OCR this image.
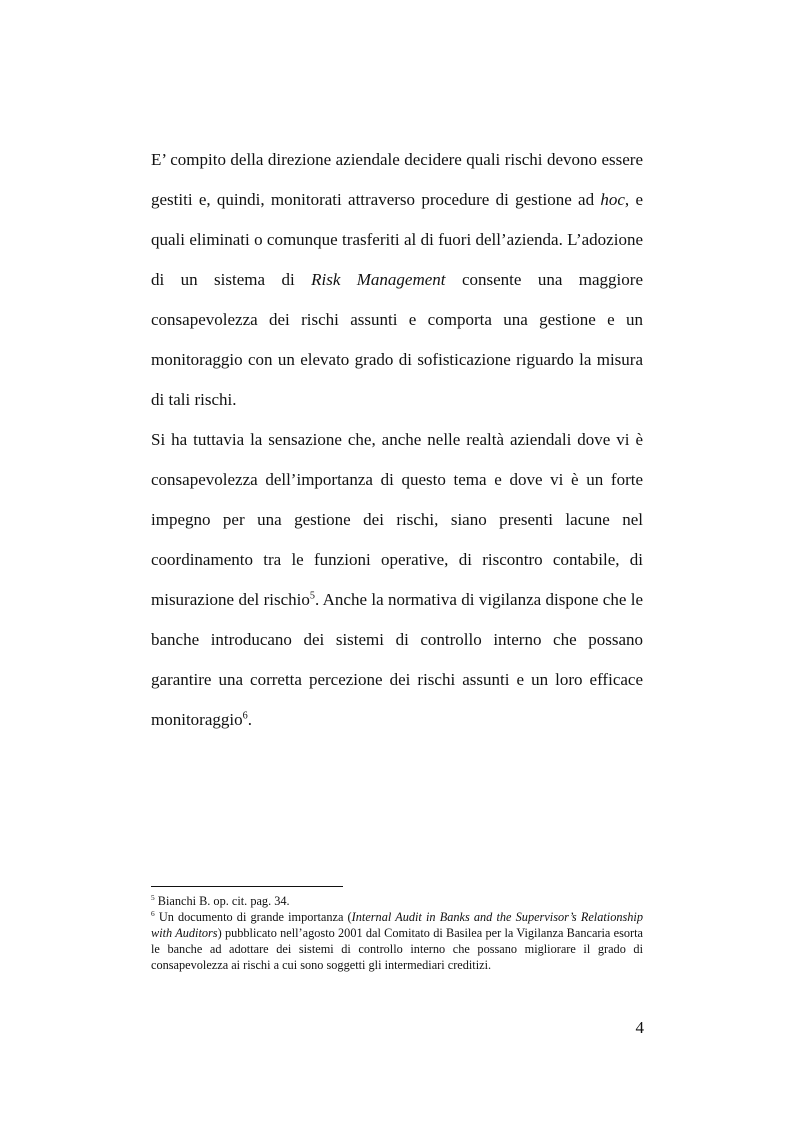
E’ compito della direzione aziendale decidere quali rischi devono essere gestiti e, quindi, monitorati attraverso procedure di gestione ad hoc, e quali eliminati o comunque trasferiti al di fuori dell’azienda. L’adozione di un sistema di Risk Management consente una maggiore consapevolezza dei rischi assunti e comporta una gestione e un monitoraggio con un elevato grado di sofisticazione riguardo la misura di tali rischi.

Si ha tuttavia la sensazione che, anche nelle realtà aziendali dove vi è consapevolezza dell’importanza di questo tema e dove vi è un forte impegno per una gestione dei rischi, siano presenti lacune nel coordinamento tra le funzioni operative, di riscontro contabile, di misurazione del rischio$^5$. Anche la normativa di vigilanza dispone che le banche introducano dei sistemi di controllo interno che possano garantire una corretta percezione dei rischi assunti e un loro efficace monitoraggio$^6$.

$^5$ Bianchi B. op. cit. pag. 34.

$^6$ Un documento di grande importanza (Internal Audit in Banks and the Supervisor’s Relationship with Auditors) pubblicato nell’agosto 2001 dal Comitato di Basilea per la Vigilanza Bancaria esorta le banche ad adottare dei sistemi di controllo interno che possano migliorare il grado di consapevolezza ai rischi a cui sono soggetti gli intermediari creditizi.

4
